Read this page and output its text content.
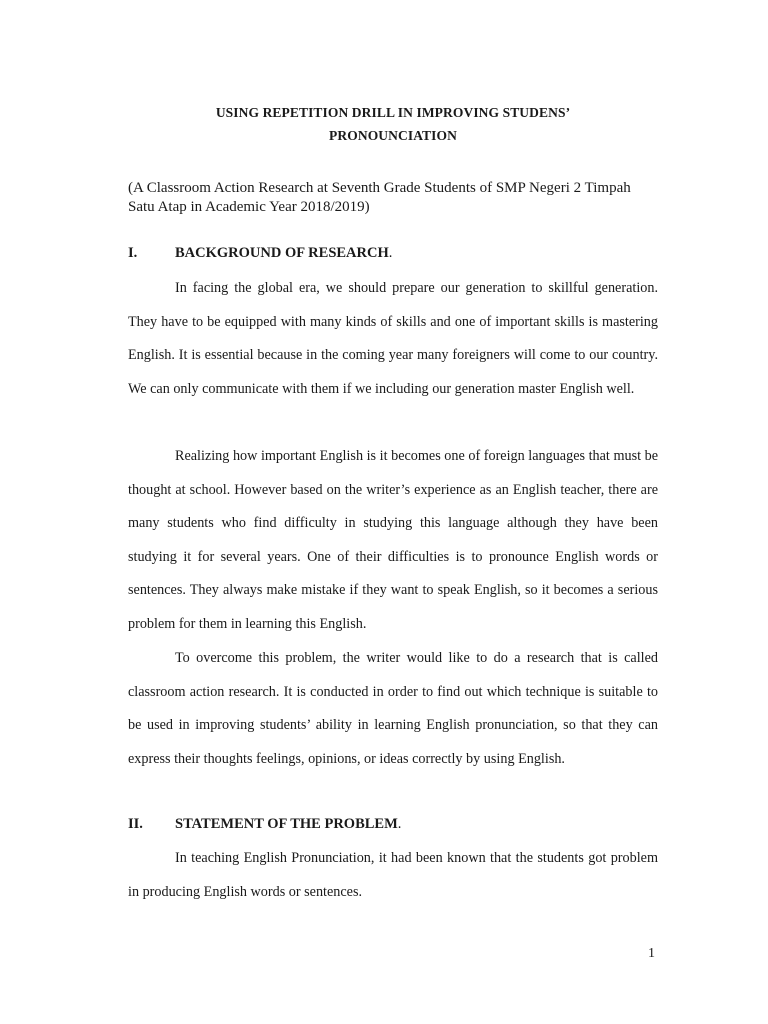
USING REPETITION DRILL IN IMPROVING STUDENS’
PRONOUNCIATION
(A Classroom Action Research at Seventh Grade Students of SMP Negeri 2 Timpah Satu Atap in Academic Year 2018/2019)
I.	BACKGROUND OF RESEARCH.
In facing the global era, we should prepare our generation to skillful generation. They have to be equipped with many kinds of skills and one of important skills is mastering English. It is essential because in the coming year many foreigners will come to our country. We can only communicate with them if we including our generation master English well.
Realizing how important English is it becomes one of foreign languages that must be thought at school. However based on the writer’s experience as an English teacher, there are many students who find difficulty in studying this language although they have been studying it for several years. One of their difficulties is to pronounce English words or sentences. They always make mistake if they want to speak English, so it becomes a serious problem for them in learning this English.
To overcome this problem, the writer would like to do a research that is called classroom action research. It is conducted in order to find out which technique is suitable to be used in improving students’ ability in learning English pronunciation, so that they can express their thoughts feelings, opinions, or ideas correctly by using English.
II. STATEMENT OF THE PROBLEM.
In teaching English Pronunciation, it had been known that the students got problem in producing English words or sentences.
1
